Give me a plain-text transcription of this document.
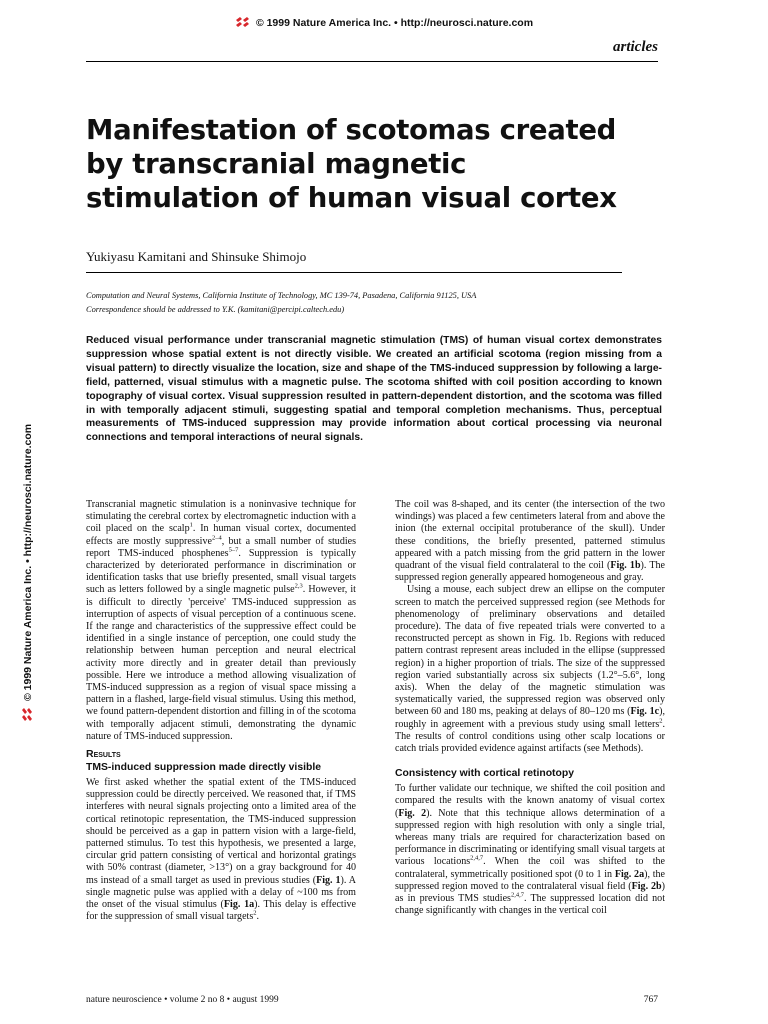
© 1999 Nature America Inc. • http://neurosci.nature.com
articles
© 1999 Nature America Inc. • http://neurosci.nature.com
Manifestation of scotomas created by transcranial magnetic stimulation of human visual cortex
Yukiyasu Kamitani and Shinsuke Shimojo
Computation and Neural Systems, California Institute of Technology, MC 139-74, Pasadena, California 91125, USA
Correspondence should be addressed to Y.K. (kamitani@percipi.caltech.edu)
Reduced visual performance under transcranial magnetic stimulation (TMS) of human visual cortex demonstrates suppression whose spatial extent is not directly visible. We created an artificial scotoma (region missing from a visual pattern) to directly visualize the location, size and shape of the TMS-induced suppression by following a large-field, patterned, visual stimulus with a magnetic pulse. The scotoma shifted with coil position according to known topography of visual cortex. Visual suppression resulted in pattern-dependent distortion, and the scotoma was filled in with temporally adjacent stimuli, suggesting spatial and temporal completion mechanisms. Thus, perceptual measurements of TMS-induced suppression may provide information about cortical processing via neuronal connections and temporal interactions of neural signals.

Transcranial magnetic stimulation is a noninvasive technique for stimulating the cerebral cortex by electromagnetic induction with a coil placed on the scalp$^1$. In human visual cortex, documented effects are mostly suppressive$^{2-4}$, but a small number of studies report TMS-induced phosphenes$^{5-7}$. Suppression is typically characterized by deteriorated performance in discrimination or identification tasks that use briefly presented, small visual targets such as letters followed by a single magnetic pulse$^{2,3}$. However, it is difficult to directly 'perceive' TMS-induced suppression as interruption of aspects of visual perception of a continuous scene. If the range and characteristics of the suppressive effect could be identified in a single instance of perception, one could study the relationship between human perception and neural electrical activity more directly and in greater detail than previously possible. Here we introduce a method allowing visualization of TMS-induced suppression as a region of visual space missing a pattern in a flashed, large-field visual stimulus. Using this method, we found pattern-dependent distortion and filling in of the scotoma with temporally adjacent stimuli, demonstrating the dynamic nature of TMS-induced suppression.

Results
TMS-induced suppression made directly visible

We first asked whether the spatial extent of the TMS-induced suppression could be directly perceived. We reasoned that, if TMS interferes with neural signals projecting onto a limited area of the cortical retinotopic representation, the TMS-induced suppression should be perceived as a gap in pattern vision with a large-field, patterned stimulus. To test this hypothesis, we presented a large, circular grid pattern consisting of vertical and horizontal gratings with 50% contrast (diameter, >13°) on a gray background for 40 ms instead of a small target as used in previous studies (Fig. 1). A single magnetic pulse was applied with a delay of ~100 ms from the onset of the visual stimulus (Fig. 1a). This delay is effective for the suppression of small visual targets$^2$.

The coil was 8-shaped, and its center (the intersection of the two windings) was placed a few centimeters lateral from and above the inion (the external occipital protuberance of the skull). Under these conditions, the briefly presented, patterned stimulus appeared with a patch missing from the grid pattern in the lower quadrant of the visual field contralateral to the coil (Fig. 1b). The suppressed region generally appeared homogeneous and gray.

Using a mouse, each subject drew an ellipse on the computer screen to match the perceived suppressed region (see Methods for phenomenology of preliminary observations and detailed procedure). The data of five repeated trials were converted to a reconstructed percept as shown in Fig. 1b. Regions with reduced pattern contrast represent areas included in the ellipse (suppressed region) in a higher proportion of trials. The size of the suppressed region varied substantially across six subjects (1.2°–5.6°, long axis). When the delay of the magnetic stimulation was systematically varied, the suppressed region was observed only between 60 and 180 ms, peaking at delays of 80–120 ms (Fig. 1c), roughly in agreement with a previous study using small letters$^2$. The results of control conditions using other scalp locations or catch trials provided evidence against artifacts (see Methods).

Consistency with cortical retinotopy

To further validate our technique, we shifted the coil position and compared the results with the known anatomy of visual cortex (Fig. 2). Note that this technique allows determination of a suppressed region with high resolution with only a single trial, whereas many trials are required for characterization based on performance in discriminating or identifying small visual targets at various locations$^{2,4,7}$. When the coil was shifted to the contralateral, symmetrically positioned spot (0 to 1 in Fig. 2a), the suppressed region moved to the contralateral visual field (Fig. 2b) as in previous TMS studies$^{2,4,7}$. The suppressed location did not change significantly with changes in the vertical coil

nature neuroscience • volume 2 no 8 • august 1999	767
